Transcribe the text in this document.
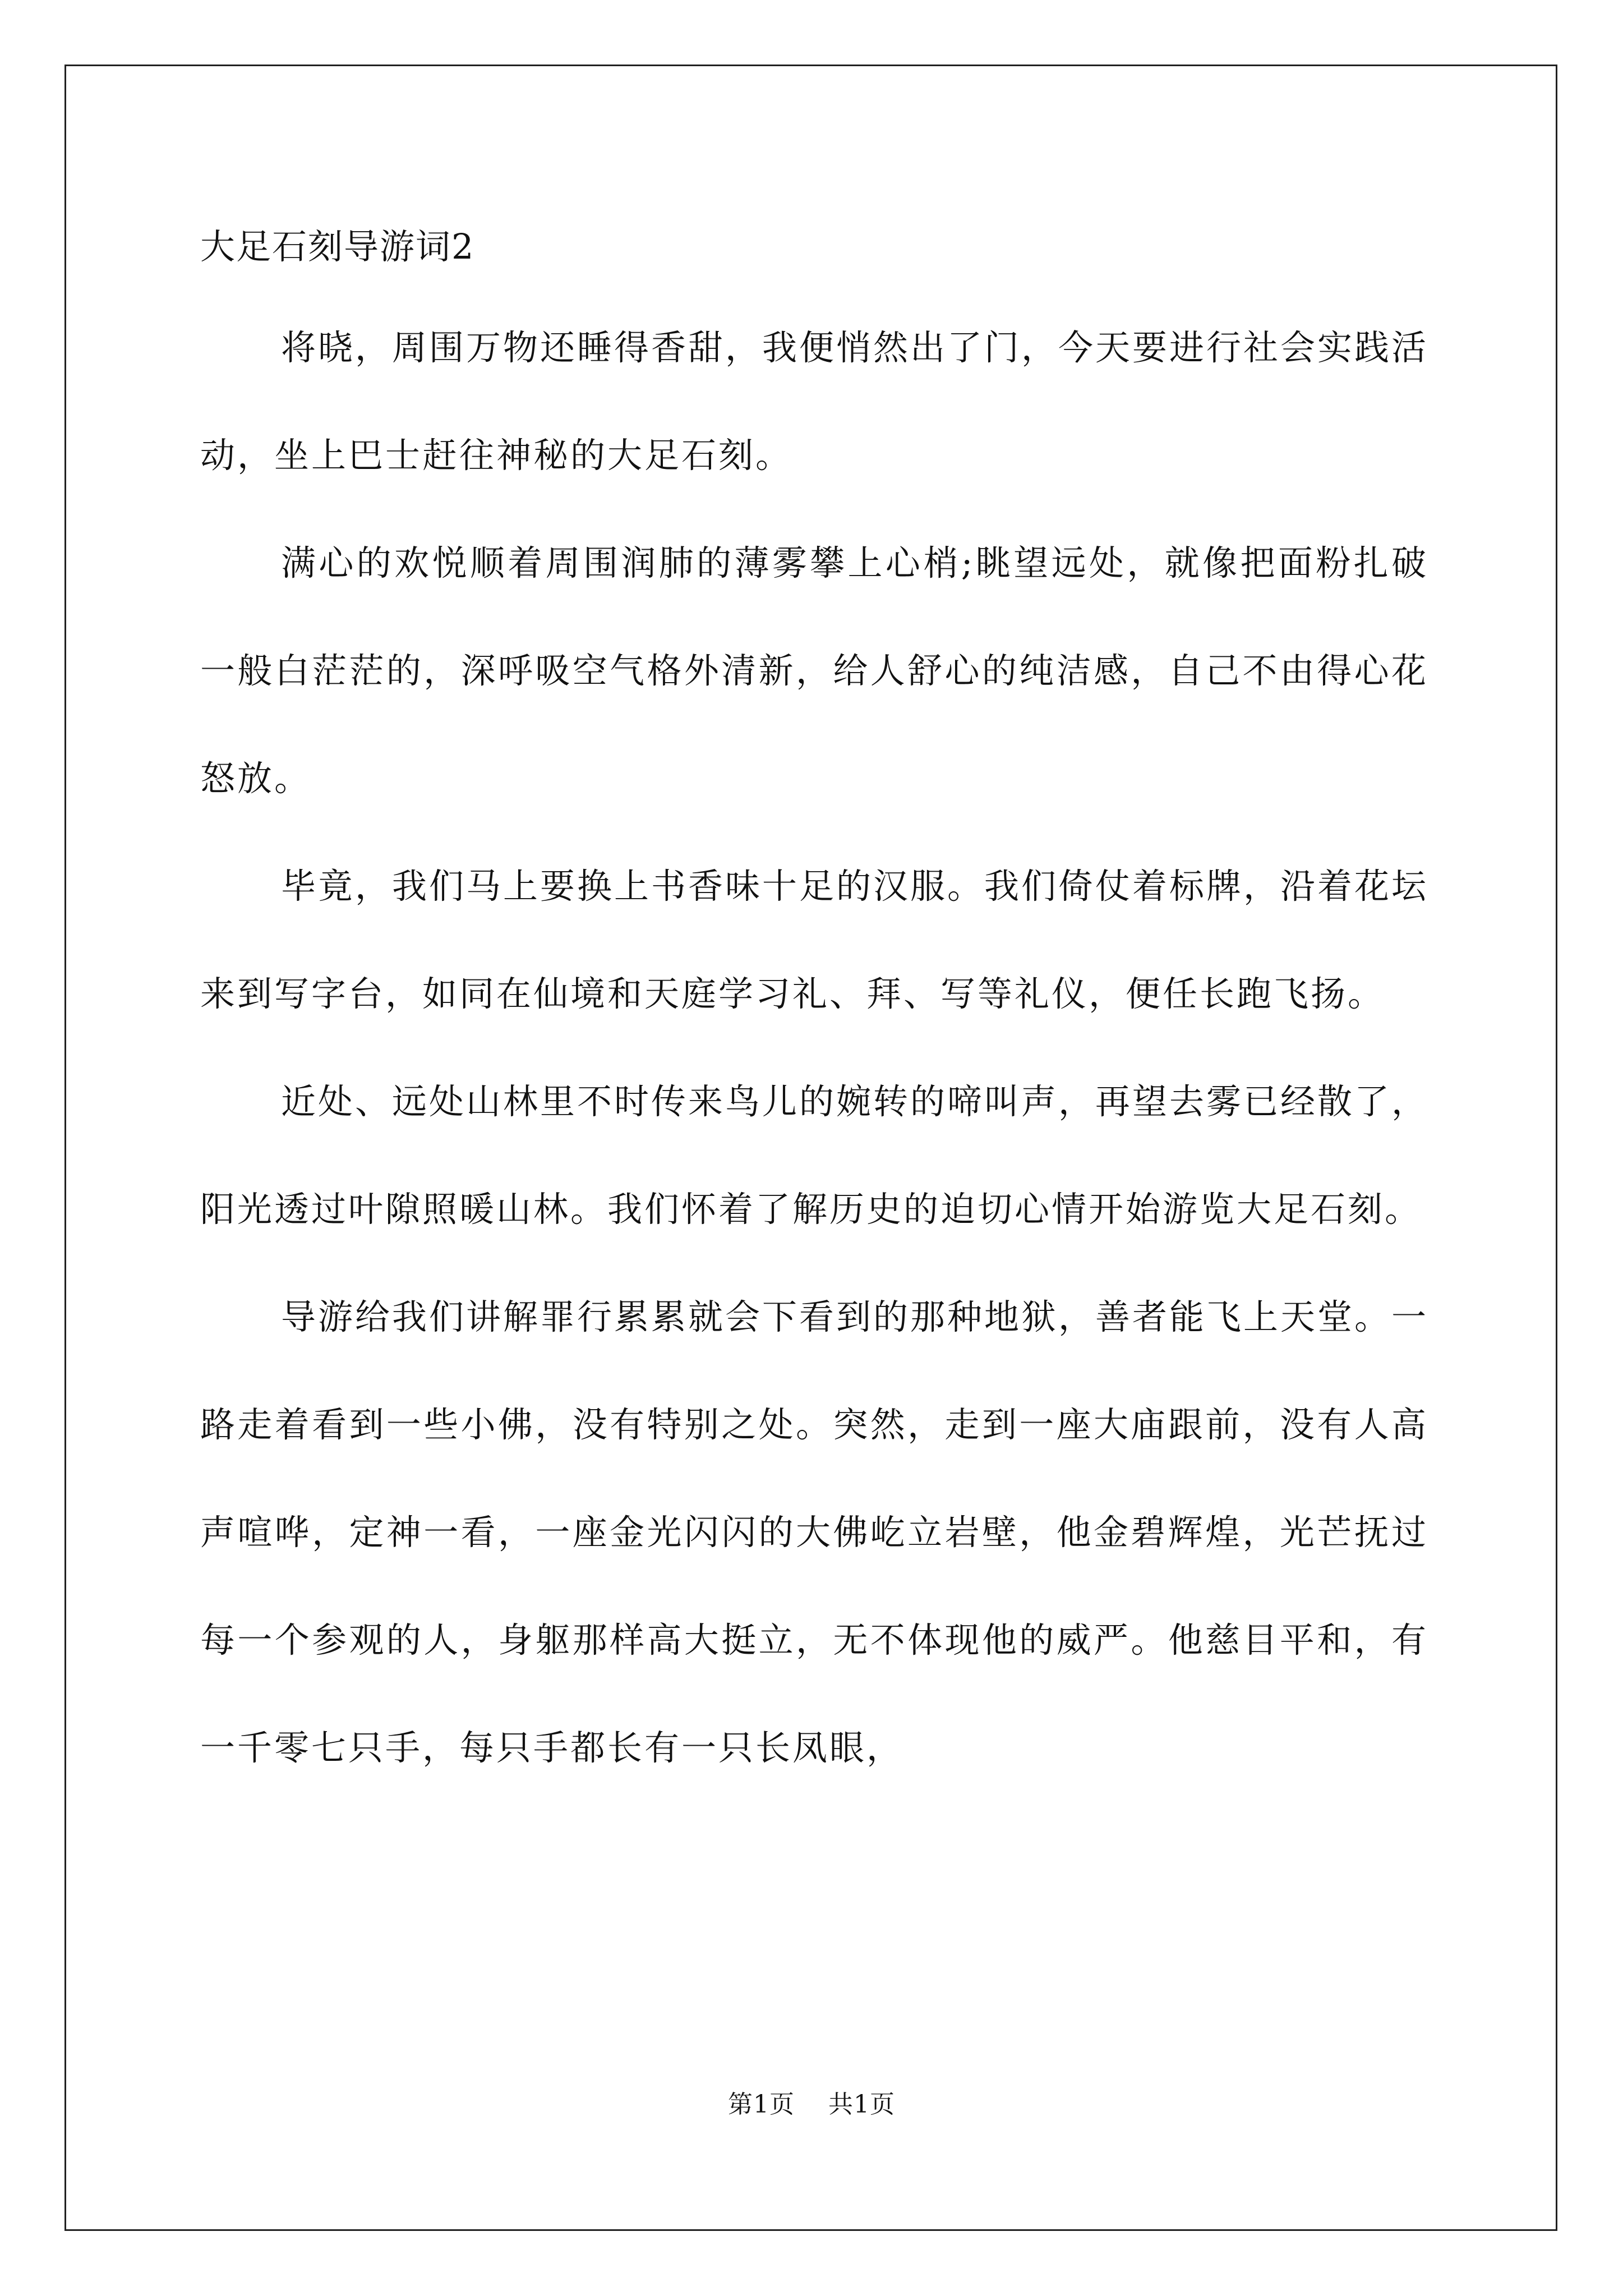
大足石刻导游词2

将晓，周围万物还睡得香甜，我便悄然出了门，今天要进行社会实践活动，坐上巴士赶往神秘的大足石刻。

满心的欢悦顺着周围润肺的薄雾攀上心梢;眺望远处，就像把面粉扎破一般白茫茫的，深呼吸空气格外清新，给人舒心的纯洁感，自己不由得心花怒放。

毕竟，我们马上要换上书香味十足的汉服。我们倚仗着标牌，沿着花坛来到写字台，如同在仙境和天庭学习礼、拜、写等礼仪，便任长跑飞扬。

近处、远处山林里不时传来鸟儿的婉转的啼叫声，再望去雾已经散了，阳光透过叶隙照暖山林。我们怀着了解历史的迫切心情开始游览大足石刻。

导游给我们讲解罪行累累就会下看到的那种地狱，善者能飞上天堂。一路走着看到一些小佛，没有特别之处。突然，走到一座大庙跟前，没有人高声喧哗，定神一看，一座金光闪闪的大佛屹立岩壁，他金碧辉煌，光芒抚过每一个参观的人，身躯那样高大挺立，无不体现他的威严。他慈目平和，有一千零七只手，每只手都长有一只长凤眼，

第1页 共1页
